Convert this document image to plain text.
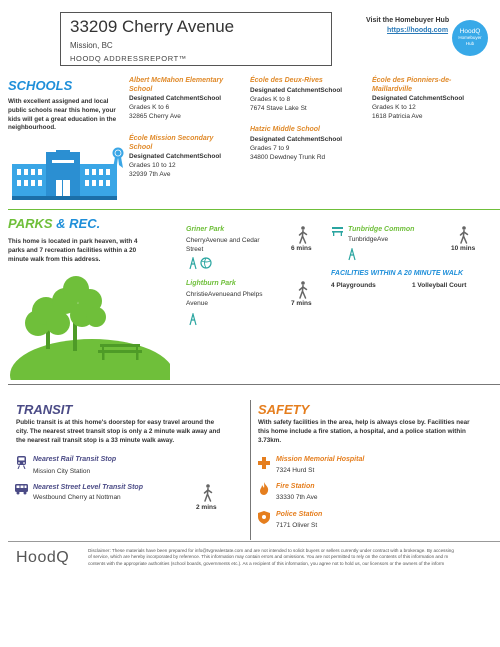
33209 Cherry Avenue
Mission, BC
HOODQ ADDRESSREPORT™
Visit the Homebuyer Hub
https://hoodq.com	HoodQ
Homebuyer
Hub
SCHOOLS
With excellent assigned and local
public schools near this home, your
kids will get a great education in the
neighbourhood.
Albert McMahon Elementary
School
Designated CatchmentSchool
Grades K to 6
32865 Cherry Ave
École des Deux-Rives
Designated CatchmentSchool
Grades K to 8
7674 Stave Lake St
École des Pionniers-de-
Maillardville
Designated CatchmentSchool
Grades K to 12
1618 Patricia Ave
École Mission Secondary
School
Designated CatchmentSchool
Grades 10 to 12
32939 7th Ave
Hatzic Middle School
Designated CatchmentSchool
Grades 7 to 9
34800 Dewdney Trunk Rd
PARKS & REC.
This home is located in park heaven, with 4
parks and 7 recreation facilities within a 20
minute walk from this address.
Griner Park
CherryAvenue and Cedar
Street	6 mins
Tunbridge Common
TunbridgeAve
10 mins
FACILITIES WITHIN A 20 MINUTE WALK
4 Playgrounds	1 Volleyball Court
Lightburn Park
ChristieAvenueand Phelps
Avenue	7 mins
TRANSIT
Public transit is at this home's doorstep for easy travel around the
city. The nearest street transit stop is only a 2 minute walk away and
the nearest rail transit stop is a 33 minute walk away.
Nearest Rail Transit Stop
Mission City Station
Nearest Street Level Transit Stop
Westbound Cherry at Nottman
2 mins
SAFETY
With safety facilities in the area, help is always close by. Facilities near
this home include a fire station, a hospital, and a police station within
3.73km.
Mission Memorial Hospital
7324 Hurd St
Fire Station
33330 7th Ave
Police Station
7171 Oliver St
HoodQ	Disclaimer: These materials have been prepared for info@tvgrealestate.com and are not intended to solicit buyers or sellers currently under contract with a brokerage. By accessing
of service, which are hereby incorporated by reference. This information may contain errors and omissions. You are not permitted to rely on the contents of this information and m
contents with the appropriate authorities (school boards, governments etc.). As a recipient of this information, you agree not to hold us, our licensors or the owners of the inform
